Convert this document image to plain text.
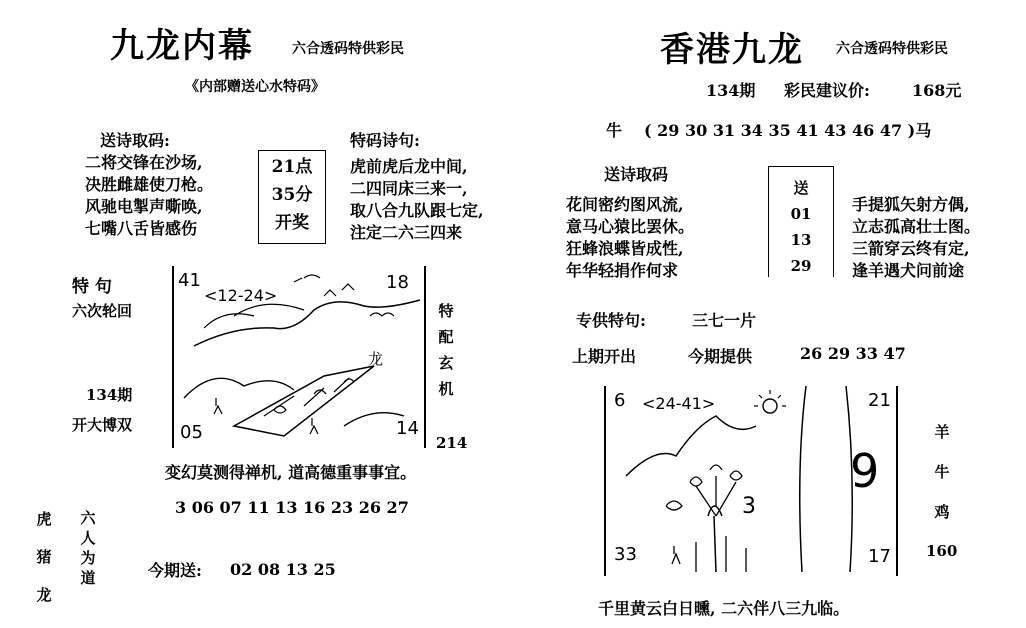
九龙内幕	六合透码特供彩民
《内部赠送心水特码》
送诗取码:
二将交锋在沙场,
决胜雌雄使刀枪。
风驰电掣声嘶唤,
七嘴八舌皆感伤
21点
35分
开奖
特码诗句:
虎前虎后龙中间,
二四同床三来一,
取八合九队跟七定,
注定二六三四来
特 句
六次轮回
134期
开大博双
41	18
05	14
<12-24>
龙
特
配
玄
机
214
变幻莫测得禅机, 道高德重事事宜。
3 06 07 11 13 16 23 26 27
虎
猪
龙
六
人
为
道	今期送: 02 08 13 25
香港九龙 六合透码特供彩民
134期 彩民建议价:	168元
牛 ( 29 30 31 34 35 41 43 46 47 )马
送诗取码
花间密约图风流,
意马心猿比罢休。
狂蜂浪蝶皆成性,
年华轻捐作何求
送
01
13
29
手提狐矢射方偶,
立志孤高壮士图。
三箭穿云终有定,
逢羊遇犬问前途
专供特句:	三七一片
上期开出	今期提供	26 29 33 47
6	21
33	17
<24-41>
9
3
羊
牛
鸡
160
千里黄云白日曛, 二六伴八三九临。
